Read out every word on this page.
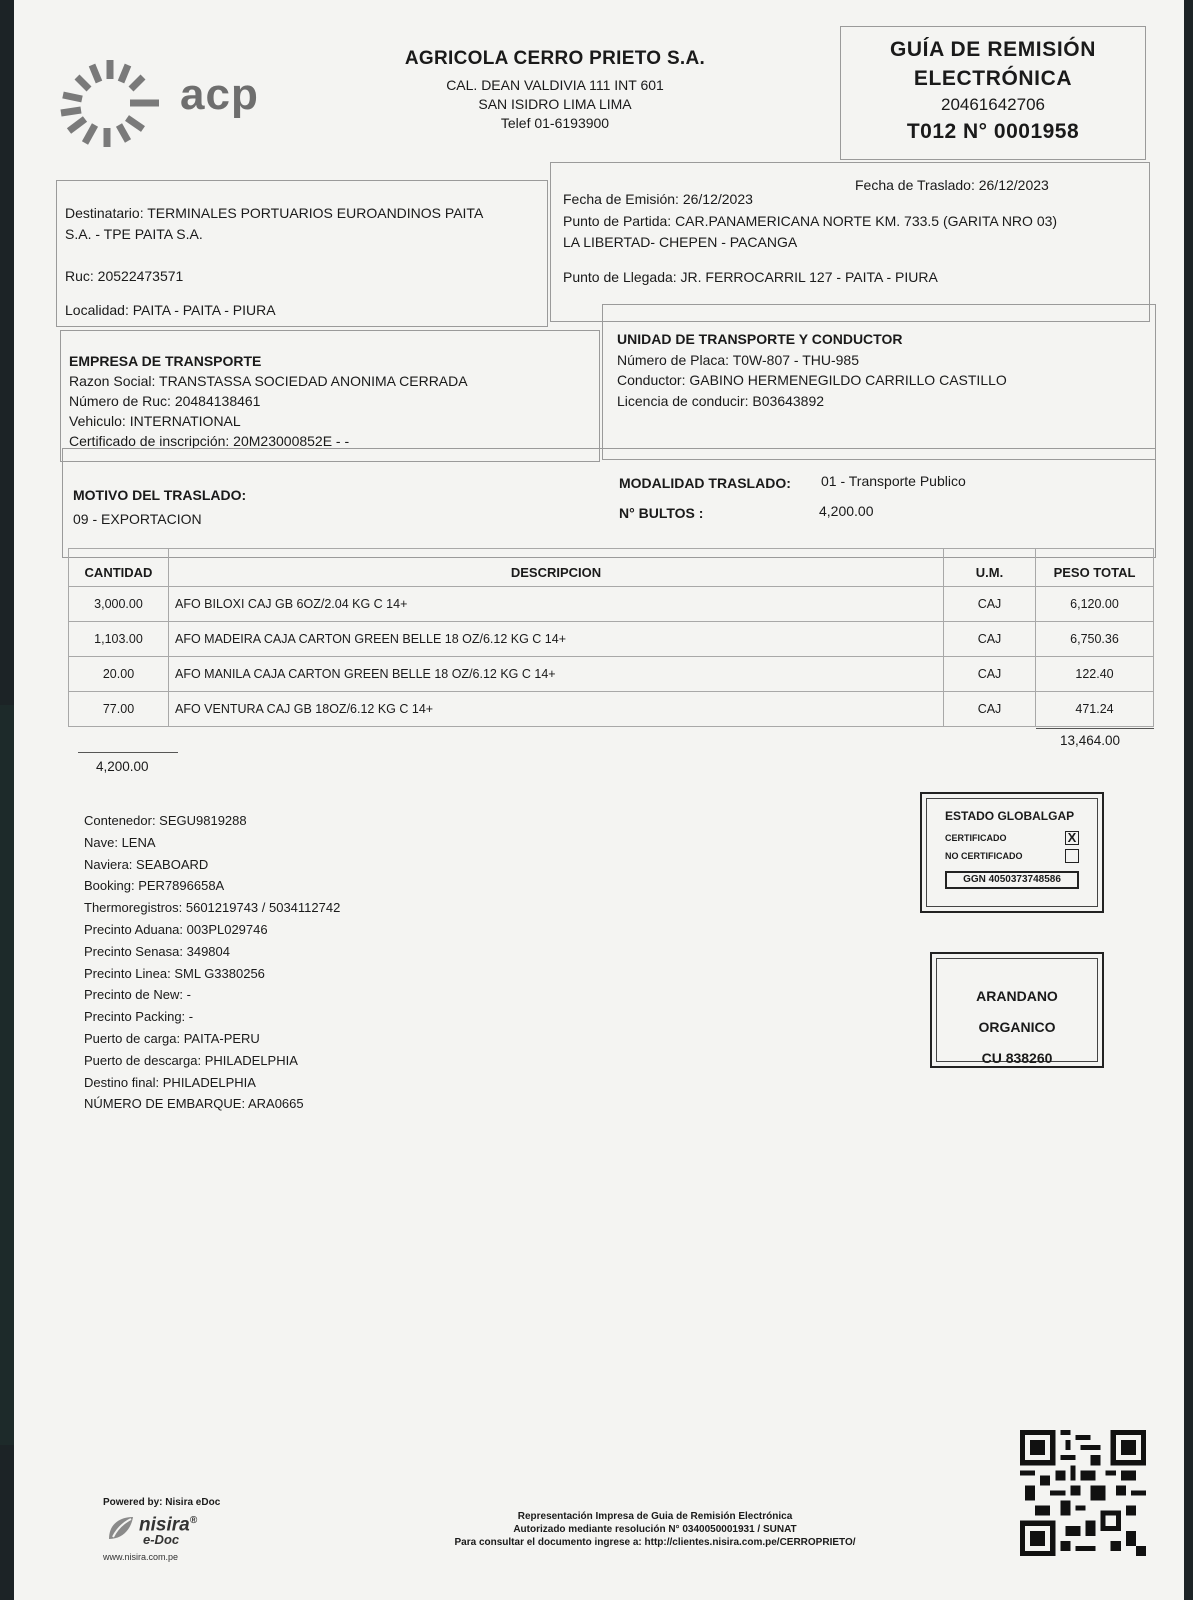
acp
AGRICOLA CERRO PRIETO S.A.
CAL. DEAN VALDIVIA 111 INT 601
SAN ISIDRO LIMA LIMA
Telef 01-6193900
GUÍA DE REMISIÓN
ELECTRÓNICA
20461642706
T012 N° 0001958
Destinatario: TERMINALES PORTUARIOS EUROANDINOS PAITA
S.A. - TPE PAITA S.A.
Ruc: 20522473571
Localidad: PAITA - PAITA - PIURA
Fecha de Emisión: 26/12/2023
Fecha de Traslado: 26/12/2023
Punto de Partida: CAR.PANAMERICANA NORTE KM. 733.5 (GARITA NRO 03)
LA LIBERTAD- CHEPEN - PACANGA
Punto de Llegada: JR. FERROCARRIL 127 - PAITA - PIURA
EMPRESA DE TRANSPORTE
Razon Social: TRANSTASSA SOCIEDAD ANONIMA CERRADA
Número de Ruc: 20484138461
Vehiculo: INTERNATIONAL
Certificado de inscripción: 20M23000852E - -
UNIDAD DE TRANSPORTE Y CONDUCTOR
Número de Placa: T0W-807 - THU-985
Conductor: GABINO HERMENEGILDO CARRILLO CASTILLO
Licencia de conducir: B03643892
MOTIVO DEL TRASLADO:
09 - EXPORTACION
MODALIDAD TRASLADO: 01 - Transporte Publico
N° BULTOS :	4,200.00
CANTIDAD	DESCRIPCION	U.M.	PESO TOTAL
3,000.00	AFO BILOXI CAJ GB 6OZ/2.04 KG C 14+	CAJ	6,120.00
1,103.00	AFO MADEIRA CAJA CARTON GREEN BELLE 18 OZ/6.12 KG C 14+	CAJ	6,750.36
20.00	AFO MANILA CAJA CARTON GREEN BELLE 18 OZ/6.12 KG C 14+	CAJ	122.40
77.00	AFO VENTURA CAJ GB 18OZ/6.12 KG C 14+	CAJ	471.24
4,200.00
13,464.00
Contenedor: SEGU9819288
Nave: LENA
Naviera: SEABOARD
Booking: PER7896658A
Thermoregistros: 5601219743 / 5034112742
Precinto Aduana: 003PL029746
Precinto Senasa: 349804
Precinto Linea: SML G3380256
Precinto de New: -
Precinto Packing: -
Puerto de carga: PAITA-PERU
Puerto de descarga: PHILADELPHIA
Destino final: PHILADELPHIA
NÚMERO DE EMBARQUE: ARA0665
ESTADO GLOBALGAP
CERTIFICADO	X
NO CERTIFICADO
GGN 4050373748586
ARANDANO ORGANICO
CU 838260
Powered by: Nisira eDoc
nisira®
e-Doc
www.nisira.com.pe
Representación Impresa de Guia de Remisión Electrónica
Autorizado mediante resolución N° 0340050001931 / SUNAT
Para consultar el documento ingrese a: http://clientes.nisira.com.pe/CERROPRIETO/
